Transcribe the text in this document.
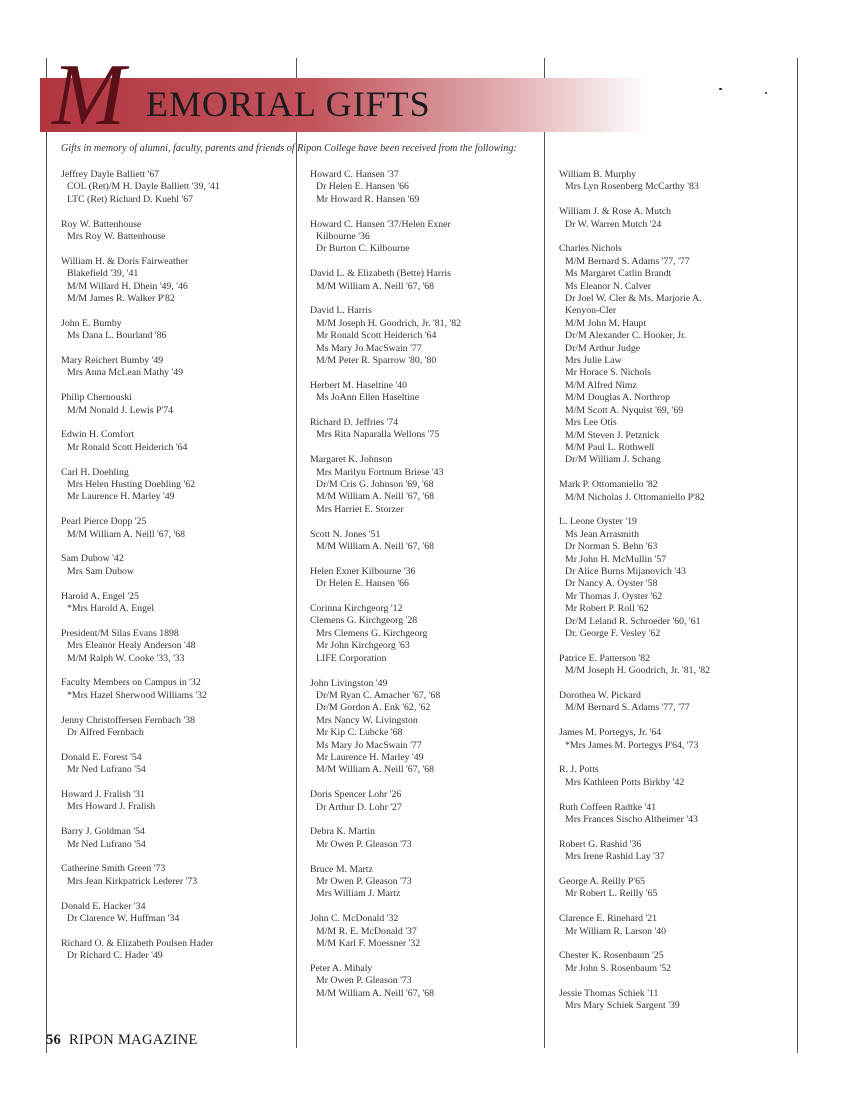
M EMORIAL GIFTS
Gifts in memory of alumni, faculty, parents and friends of Ripon College have been received from the following:
Jeffrey Dayle Balliett '67
COL (Ret)/M H. Dayle Balliett '39, '41
LTC (Ret) Richard D. Kuehl '67
Roy W. Battenhouse
Mrs Roy W. Battenhouse
William H. & Doris Fairweather
Blakefield '39, '41
M/M Willard H. Dhein '49, '46
M/M James R. Walker P'82
John E. Bumby
Ms Dana L. Bourland '86
Mary Reichert Bumby '49
Mrs Anna McLean Mathy '49
Philip Chernouski
M/M Nonald J. Lewis P'74
Edwin H. Comfort
Mr Ronald Scott Heiderich '64
Carl H. Doehling
Mrs Helen Husting Doehling '62
Mr Laurence H. Marley '49
Pearl Pierce Dopp '25
M/M William A. Neill '67, '68
Sam Dubow '42
Mrs Sam Dubow
Harold A. Engel '25
*Mrs Harold A. Engel
President/M Silas Evans 1898
Mrs Eleanor Healy Anderson '48
M/M Ralph W. Cooke '33, '33
Faculty Members on Campus in '32
*Mrs Hazel Sherwood Williams '32
Jenny Christoffersen Fernbach '38
Dr Alfred Fernbach
Donald E. Forest '54
Mr Ned Lufrano '54
Howard J. Fralish '31
Mrs Howard J. Fralish
Barry J. Goldman '54
Mr Ned Lufrano '54
Catherine Smith Green '73
Mrs Jean Kirkpatrick Lederer '73
Donald E. Hacker '34
Dr Clarence W. Huffman '34
Richard O. & Elizabeth Poulsen Hader
Dr Richard C. Hader '49
Howard C. Hansen '37
Dr Helen E. Hansen '66
Mr Howard R. Hansen '69
Howard C. Hansen '37/Helen Exner
Kilbourne '36
Dr Burton C. Kilbourne
David L. & Elizabeth (Bette) Harris
M/M William A. Neill '67, '68
David L. Harris
M/M Joseph H. Goodrich, Jr. '81, '82
Mr Ronald Scott Heiderich '64
Ms Mary Jo MacSwain '77
M/M Peter R. Sparrow '80, '80
Herbert M. Haseltine '40
Ms JoAnn Ellen Haseltine
Richard D. Jeffries '74
Mrs Rita Naparalla Wellons '75
Margaret K. Johnson
Mrs Marilyn Fortnum Briese '43
Dr/M Cris G. Johnson '69, '68
M/M William A. Neill '67, '68
Mrs Harriet E. Storzer
Scott N. Jones '51
M/M William A. Neill '67, '68
Helen Exner Kilbourne '36
Dr Helen E. Hansen '66
Corinna Kirchgeorg '12
Clemens G. Kirchgeorg '28
Mrs Clemens G. Kirchgeorg
Mr John Kirchgeorg '63
LIFE Corporation
John Livingston '49
Dr/M Ryan C. Amacher '67, '68
Dr/M Gordon A. Enk '62, '62
Mrs Nancy W. Livingston
Mr Kip C. Lubcke '68
Ms Mary Jo MacSwain '77
Mr Laurence H. Marley '49
M/M William A. Neill '67, '68
Doris Spencer Lohr '26
Dr Arthur D. Lohr '27
Debra K. Martin
Mr Owen P. Gleason '73
Bruce M. Martz
Mr Owen P. Gleason '73
Mrs William J. Martz
John C. McDonald '32
M/M R. E. McDonald '37
M/M Karl F. Moessner '32
Peter A. Mihaly
Mr Owen P. Gleason '73
M/M William A. Neill '67, '68
William B. Murphy
Mrs Lyn Rosenberg McCarthy '83
William J. & Rose A. Mutch
Dr W. Warren Mutch '24
Charles Nichols
M/M Bernard S. Adams '77, '77
Ms Margaret Catlin Brandt
Ms Eleanor N. Calver
Dr Joel W. Cler & Ms. Marjorie A.
Kenyon-Cler
M/M John M. Haupt
Dr/M Alexander C. Hooker, Jr.
Dr/M Arthur Judge
Mrs Julie Law
Mr Horace S. Nichols
M/M Alfred Nimz
M/M Douglas A. Northrop
M/M Scott A. Nyquist '69, '69
Mrs Lee Otis
M/M Steven J. Petznick
M/M Paul L. Rothwell
Dr/M William J. Schang
Mark P. Ottomaniello '82
M/M Nicholas J. Ottomaniello P'82
L. Leone Oyster '19
Ms Jean Arrasmith
Dr Norman S. Behn '63
Mr John H. McMullin '57
Dr Alice Burns Mijanovich '43
Dr Nancy A. Oyster '58
Mr Thomas J. Oyster '62
Mr Robert P. Roll '62
Dr/M Leland R. Schroeder '60, '61
Dr. George F. Vesley '62
Patrice E. Patterson '82
M/M Joseph H. Goodrich, Jr. '81, '82
Dorothea W. Pickard
M/M Bernard S. Adams '77, '77
James M. Portegys, Jr. '64
*Mrs James M. Portegys P'64, '73
R. J. Potts
Mrs Kathleen Potts Birkby '42
Ruth Coffeen Radtke '41
Mrs Frances Sischo Altheimer '43
Robert G. Rashid '36
Mrs Irene Rashid Lay '37
George A. Reilly P'65
Mr Robert L. Reilly '65
Clarence E. Rinehard '21
Mr William R. Larson '40
Chester K. Rosenbaum '25
Mr John S. Rosenbaum '52
Jessie Thomas Schiek '11
Mrs Mary Schiek Sargent '39
56 RIPON MAGAZINE
